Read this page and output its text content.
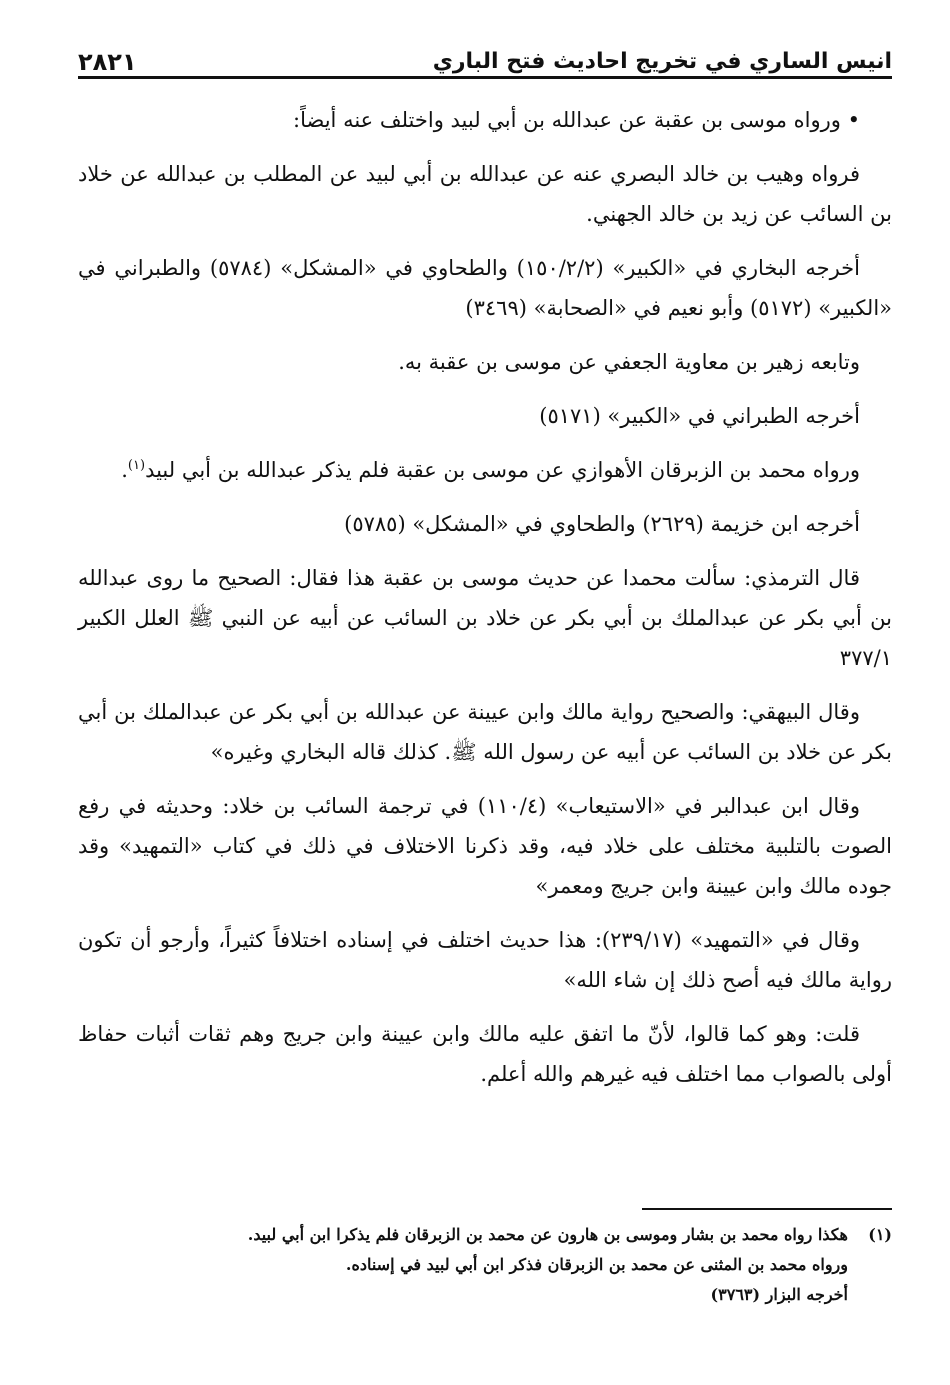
انيس الساري في تخريج احاديث فتح الباري
٢٨٢١

• ورواه موسى بن عقبة عن عبدالله بن أبي لبيد واختلف عنه أيضاً:

فرواه وهيب بن خالد البصري عنه عن عبدالله بن أبي لبيد عن المطلب بن عبدالله عن خلاد بن السائب عن زيد بن خالد الجهني.

أخرجه البخاري في «الكبير» (١٥٠/٢/٢) والطحاوي في «المشكل» (٥٧٨٤) والطبراني في «الكبير» (٥١٧٢) وأبو نعيم في «الصحابة» (٣٤٦٩)

وتابعه زهير بن معاوية الجعفي عن موسى بن عقبة به.

أخرجه الطبراني في «الكبير» (٥١٧١)

ورواه محمد بن الزبرقان الأهوازي عن موسى بن عقبة فلم يذكر عبدالله بن أبي لبيد$^{(١)}$.

أخرجه ابن خزيمة (٢٦٢٩) والطحاوي في «المشكل» (٥٧٨٥)

قال الترمذي: سألت محمدا عن حديث موسى بن عقبة هذا فقال: الصحيح ما روى عبدالله بن أبي بكر عن عبدالملك بن أبي بكر عن خلاد بن السائب عن أبيه عن النبي ﷺ العلل الكبير ٣٧٧/١

وقال البيهقي: والصحيح رواية مالك وابن عيينة عن عبدالله بن أبي بكر عن عبدالملك بن أبي بكر عن خلاد بن السائب عن أبيه عن رسول الله ﷺ. كذلك قاله البخاري وغيره»

وقال ابن عبدالبر في «الاستيعاب» (١١٠/٤) في ترجمة السائب بن خلاد: وحديثه في رفع الصوت بالتلبية مختلف على خلاد فيه، وقد ذكرنا الاختلاف في ذلك في كتاب «التمهيد» وقد جوده مالك وابن عيينة وابن جريج ومعمر»

وقال في «التمهيد» (٢٣٩/١٧): هذا حديث اختلف في إسناده اختلافاً كثيراً، وأرجو أن تكون رواية مالك فيه أصح ذلك إن شاء الله»

قلت: وهو كما قالوا، لأنّ ما اتفق عليه مالك وابن عيينة وابن جريج وهم ثقات أثبات حفاظ أولى بالصواب مما اختلف فيه غيرهم والله أعلم.

(١)
هكذا رواه محمد بن بشار وموسى بن هارون عن محمد بن الزبرقان فلم يذكرا ابن أبي لبيد.
ورواه محمد بن المثنى عن محمد بن الزبرقان فذكر ابن أبي لبيد في إسناده.
أخرجه البزار (٣٧٦٣)
